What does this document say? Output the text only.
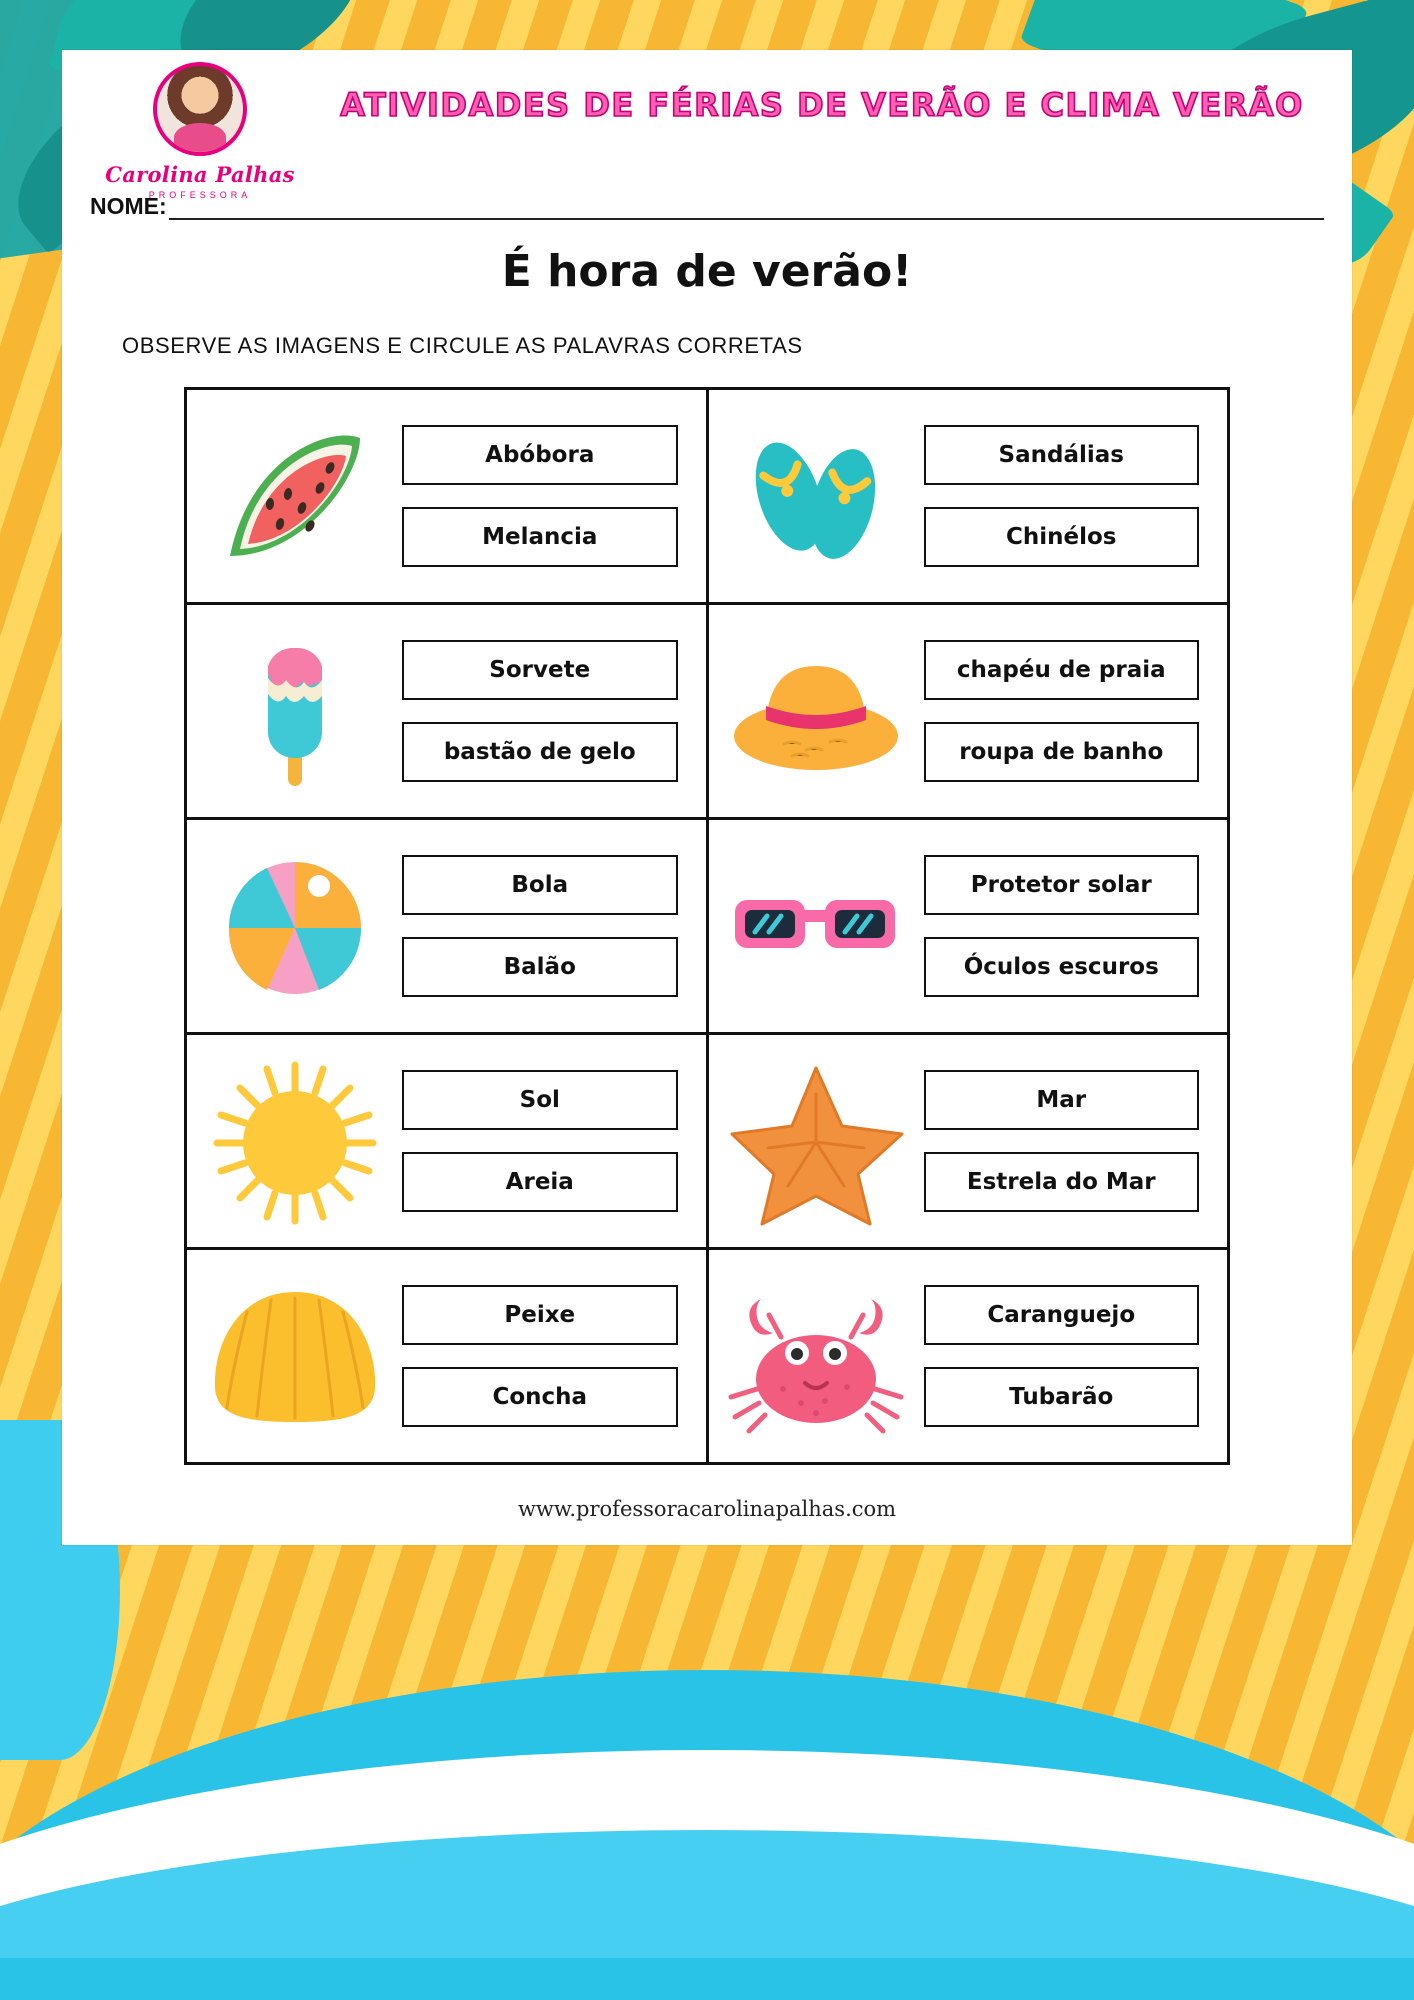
Carolina Palhas
PROFESSORA
ATIVIDADES DE FÉRIAS DE VERÃO E CLIMA VERÃO
NOME:
É hora de verão!
OBSERVE AS IMAGENS E CIRCULE AS PALAVRAS CORRETAS
Abóbora
Melancia

Sandálias
Chinélos

Sorvete
bastão de gelo

chapéu de praia
roupa de banho

Bola
Balão

Protetor solar
Óculos escuros

Sol
Areia

Mar
Estrela do Mar

Peixe
Concha

Caranguejo
Tubarão
www.professoracarolinapalhas.com
